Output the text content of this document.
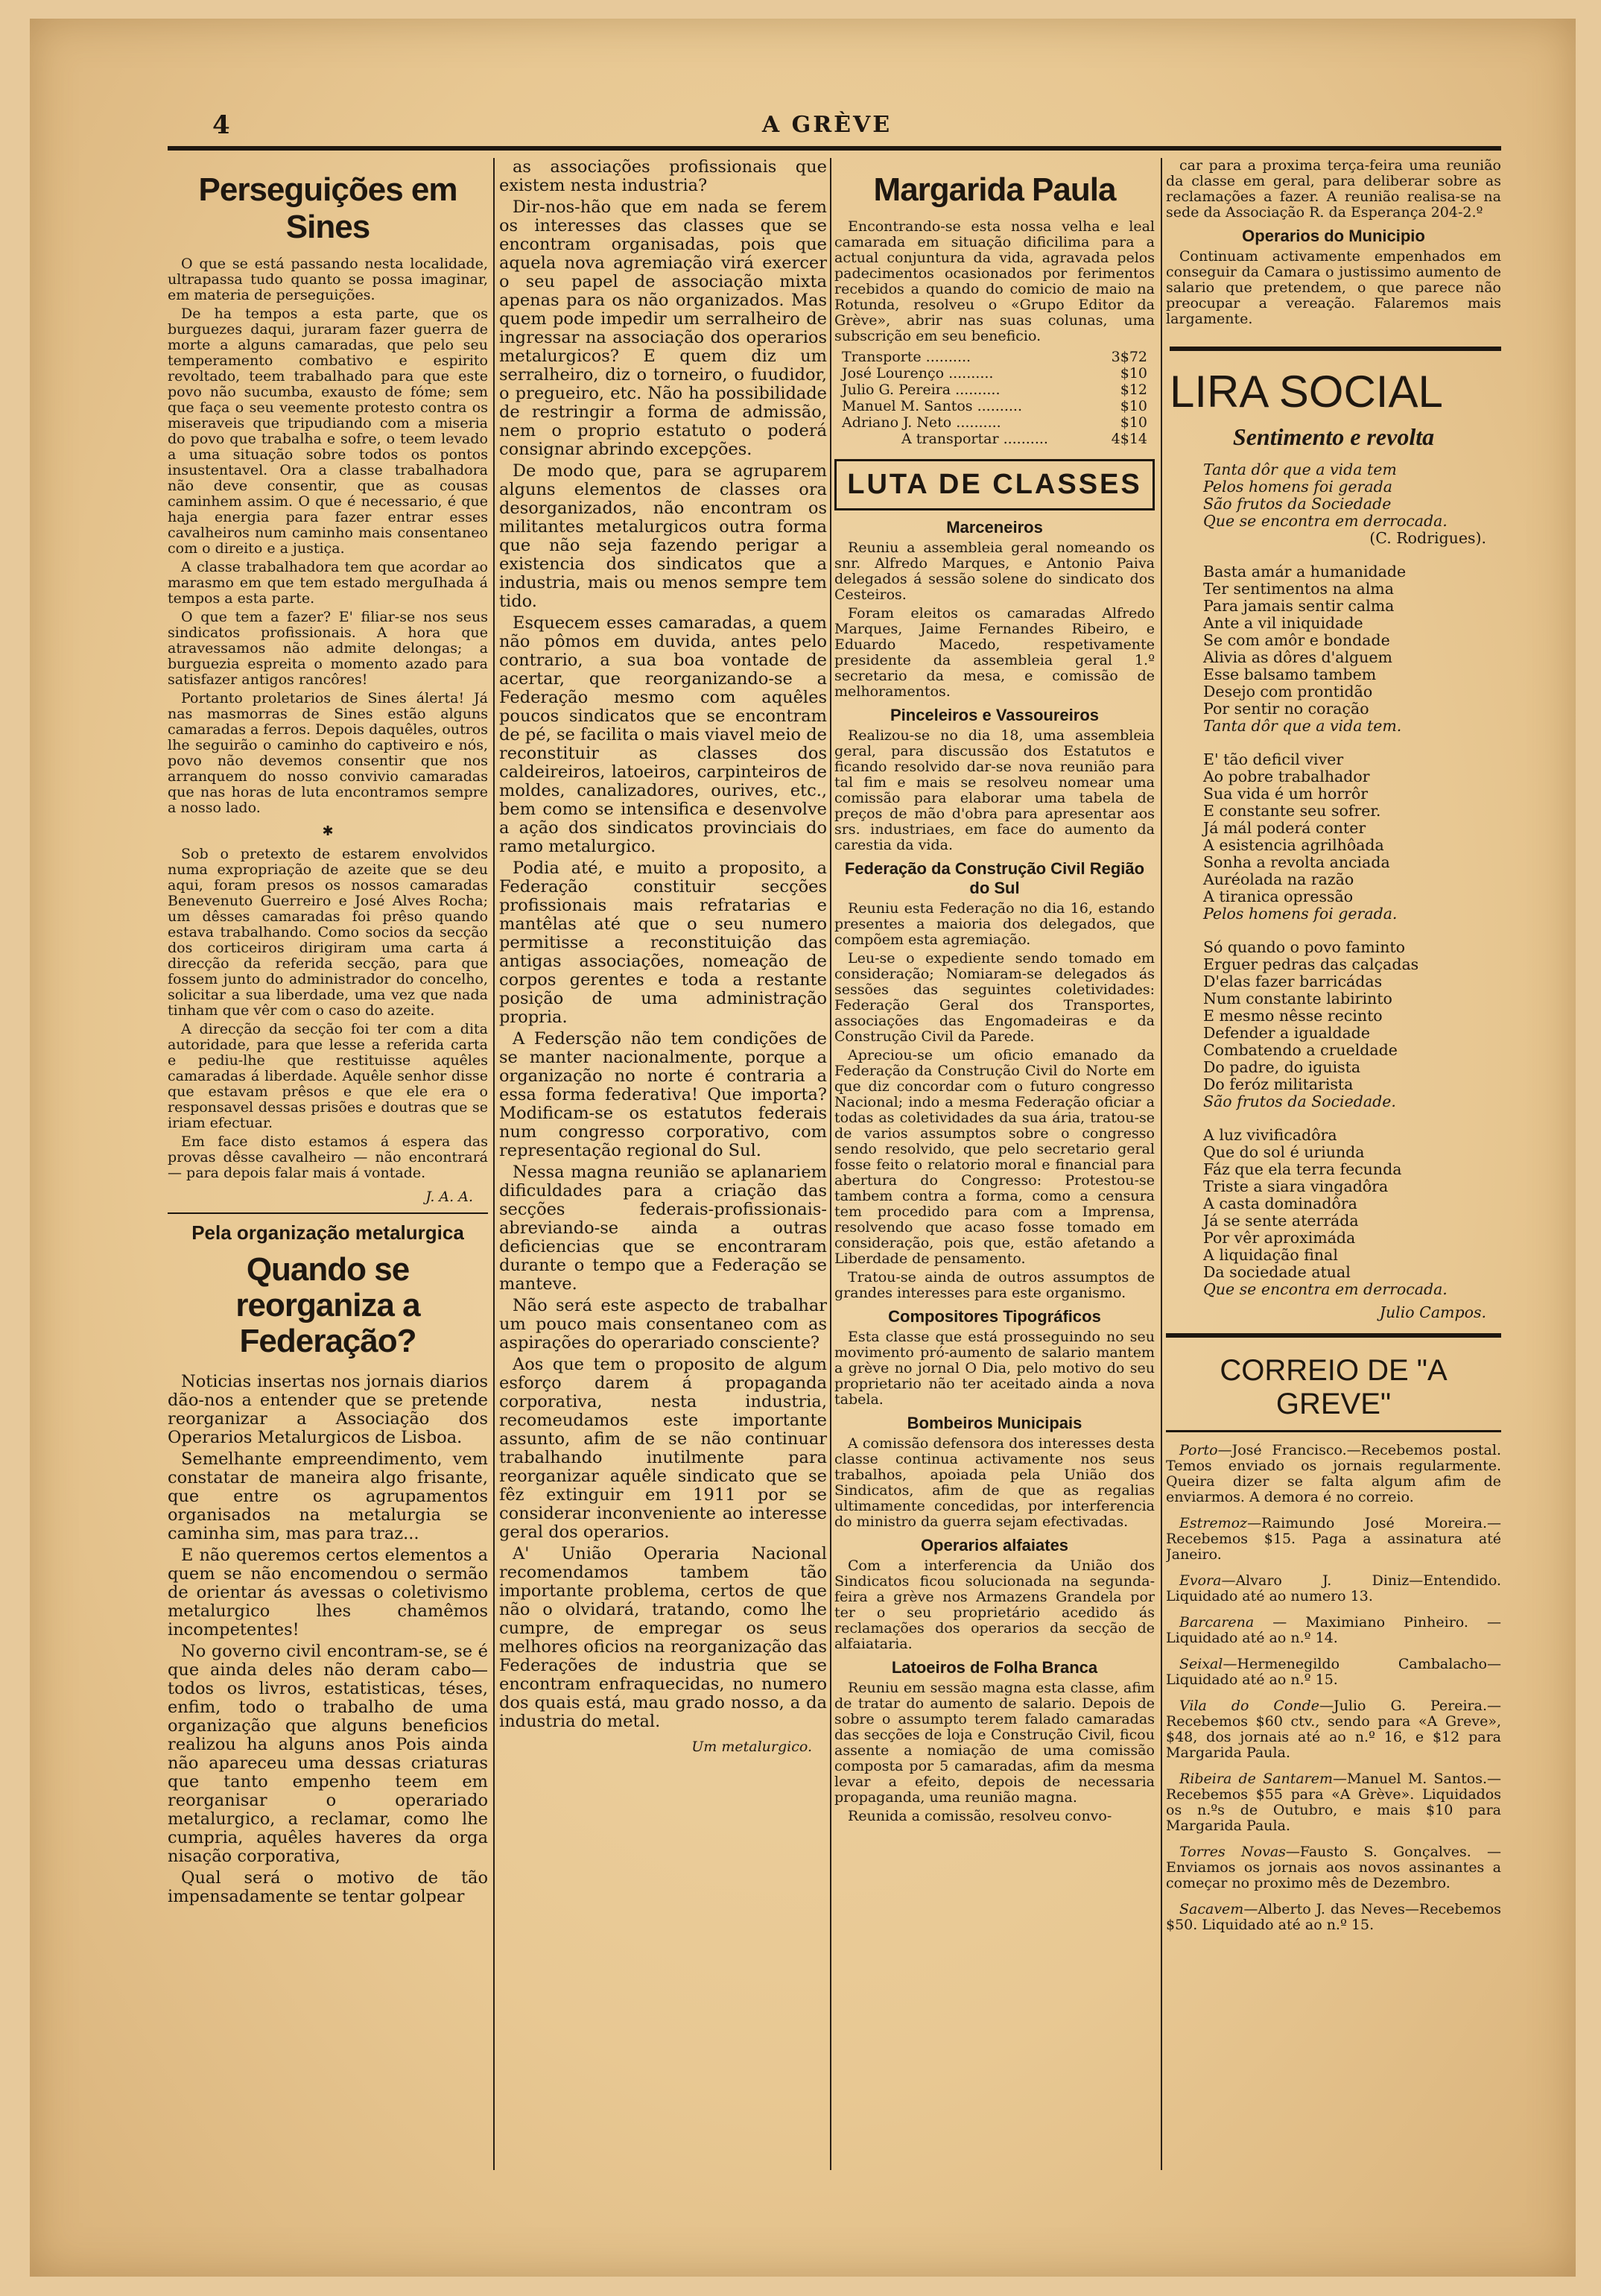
4	A GRÈVE
Perseguições em Sines

O que se está passando nesta localidade, ultrapassa tudo quanto se possa imaginar, em materia de perseguições.

De ha tempos a esta parte, que os burguezes daqui, juraram fazer guerra de morte a alguns camaradas, que pelo seu temperamento combativo e espirito revoltado, teem trabalhado para que este povo não sucumba, exausto de fóme; sem que faça o seu veemente protesto contra os miseraveis que tripudiando com a miseria do povo que trabalha e sofre, o teem levado a uma situação sobre todos os pontos insustentavel. Ora a classe trabalhadora não deve consentir, que as cousas caminhem assim. O que é necessario, é que haja energia para fazer entrar esses cavalheiros num caminho mais consentaneo com o direito e a justiça.

A classe trabalhadora tem que acordar ao marasmo em que tem estado merguIhada á tempos a esta parte.

O que tem a fazer? E' filiar-se nos seus sindicatos profissionais. A hora que atravessamos não admite delongas; a burguezia espreita o momento azado para satisfazer antigos rancôres!

Portanto proletarios de Sines álerta! Já nas masmorras de Sines estão alguns camaradas a ferros. Depois daquêles, outros lhe seguirão o caminho do captiveiro e nós, povo não devemos consentir que nos arranquem do nosso convivio camaradas que nas horas de luta encontramos sempre a nosso lado.

✱

Sob o pretexto de estarem envolvidos numa expropriação de azeite que se deu aqui, foram presos os nossos camaradas Benevenuto Guerreiro e José Alves Rocha; um dêsses camaradas foi prêso quando estava trabalhando. Como socios da secção dos corticeiros dirigiram uma carta á direcção da referida secção, para que fossem junto do administrador do concelho, solicitar a sua liberdade, uma vez que nada tinham que vêr com o caso do azeite.

A direcção da secção foi ter com a dita autoridade, para que lesse a referida carta e pediu-lhe que restituisse aquêles camaradas á liberdade. Aquêle senhor disse que estavam prêsos e que ele era o responsavel dessas prisões e doutras que se iriam efectuar.

Em face disto estamos á espera das provas dêsse cavalheiro — não encontrará — para depois falar mais á vontade.

J. A. A.
Pela organização metalurgica
Quando se reorganiza a Federação?

Noticias insertas nos jornais diarios dão-nos a entender que se pretende reorganizar a Associação dos Operarios Metalurgicos de Lisboa.

Semelhante empreendimento, vem constatar de maneira algo frisante, que entre os agrupamentos organisados na metalurgia se caminha sim, mas para traz...

E não queremos certos elementos a quem se não encomendou o sermão de orientar ás avessas o coletivismo metalurgico lhes chamêmos incompetentes!

No governo civil encontram-se, se é que ainda deles não deram cabo—todos os livros, estatisticas, téses, enfim, todo o trabalho de uma organização que alguns beneficios realizou ha alguns anos Pois ainda não apareceu uma dessas criaturas que tanto empenho teem em reorganisar o operariado metalurgico, a reclamar, como lhe cumpria, aquêles haveres da orga nisação corporativa,

Qual será o motivo de tão impensadamente se tentar golpear

as associações profissionais que existem nesta industria?

Dir-nos-hão que em nada se ferem os interesses das classes que se encontram organisadas, pois que aquela nova agremiação virá exercer o seu papel de associação mixta apenas para os não organizados. Mas quem pode impedir um serralheiro de ingressar na associação dos operarios metalurgicos? E quem diz um serralheiro, diz o torneiro, o fuudidor, o pregueiro, etc. Não ha possibilidade de restringir a forma de admissão, nem o proprio estatuto o poderá consignar abrindo excepções.

De modo que, para se agruparem alguns elementos de classes ora desorganizados, não encontram os militantes metalurgicos outra forma que não seja fazendo perigar a existencia dos sindicatos que a industria, mais ou menos sempre tem tido.

Esquecem esses camaradas, a quem não pômos em duvida, antes pelo contrario, a sua boa vontade de acertar, que reorganizando-se a Federação mesmo com aquêles poucos sindicatos que se encontram de pé, se facilita o mais viavel meio de reconstituir as classes dos caldeireiros, latoeiros, carpinteiros de moldes, canalizadores, ourives, etc., bem como se intensifica e desenvolve a ação dos sindicatos provinciais do ramo metalurgico.

Podia até, e muito a proposito, a Federação constituir secções profissionais mais refratarias e mantêlas até que o seu numero permitisse a reconstituição das antigas associações, nomeação de corpos gerentes e toda a restante posição de uma administração propria.

A Federsção não tem condições de se manter nacionalmente, porque a organização no norte é contraria a essa forma federativa! Que importa? Modificam-se os estatutos federais num congresso corporativo, com representação regional do Sul.

Nessa magna reunião se aplanariem dificuldades para a criação das secções federais-profissionais-abreviando-se ainda a outras deficiencias que se encontraram durante o tempo que a Federação se manteve.

Não será este aspecto de trabalhar um pouco mais consentaneo com as aspirações do operariado consciente?

Aos que tem o proposito de algum esforço darem á propaganda corporativa, nesta industria, recomeudamos este importante assunto, afim de se não continuar trabalhando inutilmente para reorganizar aquêle sindicato que se fêz extinguir em 1911 por se considerar inconveniente ao interesse geral dos operarios.

A' União Operaria Nacional recomendamos tambem tão importante problema, certos de que não o olvidará, tratando, como lhe cumpre, de empregar os seus melhores oficios na reorganização das Federações de industria que se encontram enfraquecidas, no numero dos quais está, mau grado nosso, a da industria do metal.

Um metalurgico.
Margarida Paula

Encontrando-se esta nossa velha e leal camarada em situação dificilima para a actual conjuntura da vida, agravada pelos padecimentos ocasionados por ferimentos recebidos a quando do comicio de maio na Rotunda, resolveu o «Grupo Editor da Grève», abrir nas suas colunas, uma subscrição em seu beneficio.

Transporte ..........	3$72
José Lourenço ..........	$10
Julio G. Pereira ..........	$12
Manuel M. Santos ..........	$10
Adriano J. Neto ..........	$10
A transportar ..........	4$14
LUTA DE CLASSES
Marceneiros

Reuniu a assembleia geral nomeando os snr. Alfredo Marques, e Antonio Paiva delegados á sessão solene do sindicato dos Cesteiros.

Foram eleitos os camaradas Alfredo Marques, Jaime Fernandes Ribeiro, e Eduardo Macedo, respetivamente presidente da assembleia geral 1.º secretario da mesa, e comissão de melhoramentos.

Pinceleiros e Vassoureiros

Realizou-se no dia 18, uma assembleia geral, para discussão dos Estatutos e ficando resolvido dar-se nova reunião para tal fim e mais se resolveu nomear uma comissão para elaborar uma tabela de preços de mão d'obra para apresentar aos srs. industriaes, em face do aumento da carestia da vida.

Federação da Construção Civil Região do Sul

Reuniu esta Federação no dia 16, estando presentes a maioria dos delegados, que compõem esta agremiação.

Leu-se o expediente sendo tomado em consideração; Nomiaram-se delegados ás sessões das seguintes coletividades: Federação Geral dos Transportes, associações das Engomadeiras e da Construção Civil da Parede.

Apreciou-se um oficio emanado da Federação da Construção Civil do Norte em que diz concordar com o futuro congresso Nacional; indo a mesma Federação oficiar a todas as coletividades da sua ária, tratou-se de varios assumptos sobre o congresso sendo resolvido, que pelo secretario geral fosse feito o relatorio moral e financial para abertura do Congresso: Protestou-se tambem contra a forma, como a censura tem procedido para com a Imprensa, resolvendo que acaso fosse tomado em consideração, pois que, estão afetando a Liberdade de pensamento.

Tratou-se ainda de outros assumptos de grandes interesses para este organismo.

Compositores Tipográficos

Esta classe que está prosseguindo no seu movimento pró-aumento de salario mantem a grève no jornal O Dia, pelo motivo do seu proprietario não ter aceitado ainda a nova tabela.

Bombeiros Municipais

A comissão defensora dos interesses desta classe continua activamente nos seus trabalhos, apoiada pela União dos Sindicatos, afim de que as regalias ultimamente concedidas, por interferencia do ministro da guerra sejam efectivadas.

Operarios alfaiates

Com a interferencia da União dos Sindicatos ficou solucionada na segunda-feira a grève nos Armazens Grandela por ter o seu proprietário acedido ás reclamações dos operarios da secção de alfaiataria.

Latoeiros de Folha Branca

Reuniu em sessão magna esta classe, afim de tratar do aumento de salario. Depois de sobre o assumpto terem falado camaradas das secções de loja e Construção Civil, ficou assente a nomiação de uma comissão composta por 5 camaradas, afim da mesma levar a efeito, depois de necessaria propaganda, uma reunião magna.

Reunida a comissão, resolveu convo-

car para a proxima terça-feira uma reunião da classe em geral, para deliberar sobre as reclamações a fazer. A reunião realisa-se na sede da Associação R. da Esperança 204-2.º

Operarios do Municipio

Continuam activamente empenhados em conseguir da Camara o justissimo aumento de salario que pretendem, o que parece não preocupar a vereação. Falaremos mais largamente.

LIRA SOCIAL
Sentimento e revolta
Tanta dôr que a vida tem
Pelos homens foi gerada
São frutos da Sociedade
Que se encontra em derrocada.
(C. Rodrigues).
Basta amár a humanidade
Ter sentimentos na alma
Para jamais sentir calma
Ante a vil iniquidade
Se com amôr e bondade
Alivia as dôres d'alguem
Esse balsamo tambem
Desejo com prontidão
Por sentir no coração
Tanta dôr que a vida tem.
E' tão deficil viver
Ao pobre trabalhador
Sua vida é um horrôr
E constante seu sofrer.
Já mál poderá conter
A esistencia agrilhôada
Sonha a revolta anciada
Auréolada na razão
A tiranica opressão
Pelos homens foi gerada.
Só quando o povo faminto
Erguer pedras das calçadas
D'elas fazer barricádas
Num constante labirinto
E mesmo nêsse recinto
Defender a igualdade
Combatendo a crueldade
Do padre, do iguista
Do feróz militarista
São frutos da Sociedade.
A luz vivificadôra
Que do sol é uriunda
Fáz que ela terra fecunda
Triste a siara vingadôra
A casta dominadôra
Já se sente aterráda
Por vêr aproximáda
A liquidação final
Da sociedade atual
Que se encontra em derrocada.
Julio Campos.
CORREIO DE "A GREVE"
Porto—José Francisco.—Recebemos postal. Temos enviado os jornais regularmente. Queira dizer se falta algum afim de enviarmos. A demora é no correio.
Estremoz—Raimundo José Moreira.—Recebemos $15. Paga a assinatura até Janeiro.
Evora—Alvaro J. Diniz—Entendido. Liquidado até ao numero 13.
Barcarena — Maximiano Pinheiro. — Liquidado até ao n.º 14.
Seixal—Hermenegildo Cambalacho—Liquidado até ao n.º 15.
Vila do Conde—Julio G. Pereira.—Recebemos $60 ctv., sendo para «A Greve», $48, dos jornais até ao n.º 16, e $12 para Margarida Paula.
Ribeira de Santarem—Manuel M. Santos.—Recebemos $55 para «A Grève». Liquidados os n.ºs de Outubro, e mais $10 para Margarida Paula.
Torres Novas—Fausto S. Gonçalves. —Enviamos os jornais aos novos assinantes a começar no proximo mês de Dezembro.
Sacavem—Alberto J. das Neves—Recebemos $50. Liquidado até ao n.º 15.
